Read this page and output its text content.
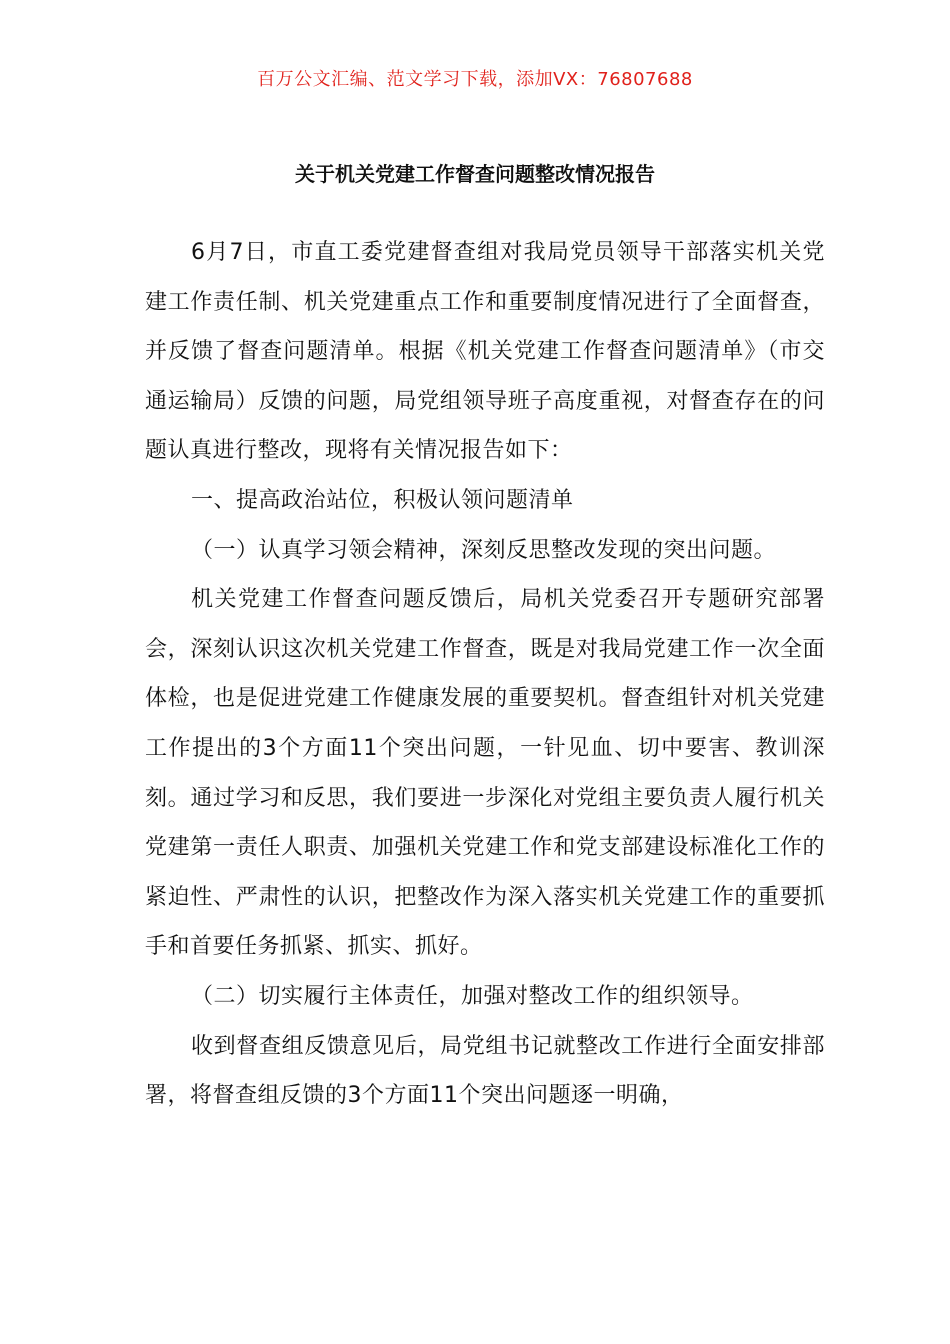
百万公文汇编、范文学习下载，添加VX：76807688
关于机关党建工作督查问题整改情况报告

6月7日，市直工委党建督查组对我局党员领导干部落实机关党建工作责任制、机关党建重点工作和重要制度情况进行了全面督查，并反馈了督查问题清单。根据《机关党建工作督查问题清单》（市交通运输局）反馈的问题，局党组领导班子高度重视，对督查存在的问题认真进行整改，现将有关情况报告如下：

一、提高政治站位，积极认领问题清单

（一）认真学习领会精神，深刻反思整改发现的突出问题。

机关党建工作督查问题反馈后，局机关党委召开专题研究部署会，深刻认识这次机关党建工作督查，既是对我局党建工作一次全面体检，也是促进党建工作健康发展的重要契机。督查组针对机关党建工作提出的3个方面11个突出问题，一针见血、切中要害、教训深刻。通过学习和反思，我们要进一步深化对党组主要负责人履行机关党建第一责任人职责、加强机关党建工作和党支部建设标准化工作的紧迫性、严肃性的认识，把整改作为深入落实机关党建工作的重要抓手和首要任务抓紧、抓实、抓好。

（二）切实履行主体责任，加强对整改工作的组织领导。

收到督查组反馈意见后，局党组书记就整改工作进行全面安排部署，将督查组反馈的3个方面11个突出问题逐一明确，
